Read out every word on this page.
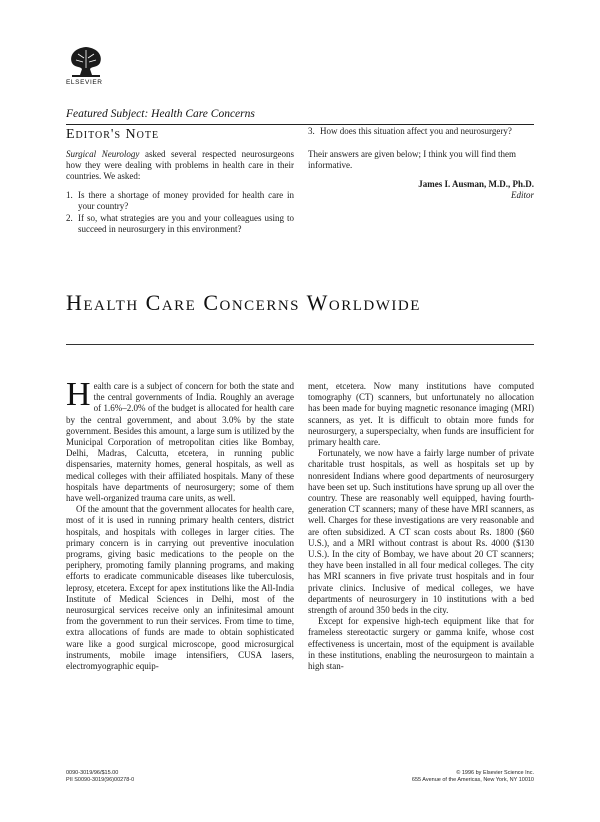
ELSEVIER
Featured Subject: Health Care Concerns
Editor's Note

Surgical Neurology asked several respected neurosurgeons how they were dealing with problems in health care in their countries. We asked:

1. Is there a shortage of money provided for health care in your country?
2. If so, what strategies are you and your colleagues using to succeed in neurosurgery in this environment?
3. How does this situation affect you and neurosurgery?

Their answers are given below; I think you will find them informative.

James I. Ausman, M.D., Ph.D.

Editor

Health Care Concerns Worldwide

Health care is a subject of concern for both the state and the central governments of India. Roughly an average of 1.6%–2.0% of the budget is allocated for health care by the central government, and about 3.0% by the state government. Besides this amount, a large sum is utilized by the Municipal Corporation of metropolitan cities like Bombay, Delhi, Madras, Calcutta, etcetera, in running public dispensaries, maternity homes, general hospitals, as well as medical colleges with their affiliated hospitals. Many of these hospitals have departments of neurosurgery; some of them have well-organized trauma care units, as well.

Of the amount that the government allocates for health care, most of it is used in running primary health centers, district hospitals, and hospitals with colleges in larger cities. The primary concern is in carrying out preventive inoculation programs, giving basic medications to the people on the periphery, promoting family planning programs, and making efforts to eradicate communicable diseases like tuberculosis, leprosy, etcetera. Except for apex institutions like the All-India Institute of Medical Sciences in Delhi, most of the neurosurgical services receive only an infinitesimal amount from the government to run their services. From time to time, extra allocations of funds are made to obtain sophisticated ware like a good surgical microscope, good microsurgical instruments, mobile image intensifiers, CUSA lasers, electromyographic equip-

ment, etcetera. Now many institutions have computed tomography (CT) scanners, but unfortunately no allocation has been made for buying magnetic resonance imaging (MRI) scanners, as yet. It is difficult to obtain more funds for neurosurgery, a superspecialty, when funds are insufficient for primary health care.

Fortunately, we now have a fairly large number of private charitable trust hospitals, as well as hospitals set up by nonresident Indians where good departments of neurosurgery have been set up. Such institutions have sprung up all over the country. These are reasonably well equipped, having fourth-generation CT scanners; many of these have MRI scanners, as well. Charges for these investigations are very reasonable and are often subsidized. A CT scan costs about Rs. 1800 ($60 U.S.), and a MRI without contrast is about Rs. 4000 ($130 U.S.). In the city of Bombay, we have about 20 CT scanners; they have been installed in all four medical colleges. The city has MRI scanners in five private trust hospitals and in four private clinics. Inclusive of medical colleges, we have departments of neurosurgery in 10 institutions with a bed strength of around 350 beds in the city.

Except for expensive high-tech equipment like that for frameless stereotactic surgery or gamma knife, whose cost effectiveness is uncertain, most of the equipment is available in these institutions, enabling the neurosurgeon to maintain a high stan-

0090-3019/96/$15.00
PII S0090-3019(96)00278-0
© 1996 by Elsevier Science Inc.
655 Avenue of the Americas, New York, NY 10010
